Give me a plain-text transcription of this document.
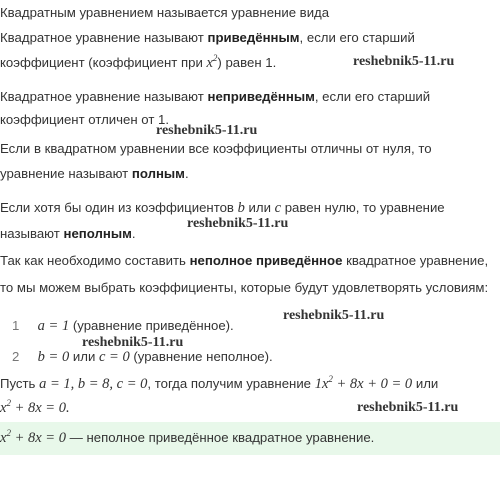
Квадратным уравнением называется уравнение вида
Квадратное уравнение называют приведённым, если его старший
коэффициент (коэффициент при $x^2$) равен 1.
Квадратное уравнение называют неприведённым, если его старший
коэффициент отличен от 1.
Если в квадратном уравнении все коэффициенты отличны от нуля, то
уравнение называют полным.
Если хотя бы один из коэффициентов b или c равен нулю, то уравнение
называют неполным.
Так как необходимо составить неполное приведённое квадратное уравнение,
то мы можем выбрать коэффициенты, которые будут удовлетворять условиям:
1 a = 1 (уравнение приведённое).
2 b = 0 или c = 0 (уравнение неполное).
Пусть a = 1, b = 8, c = 0, тогда получим уравнение $1x^2 + 8x + 0 = 0$ или
$x^2 + 8x = 0$.
$x^2 + 8x = 0$ — неполное приведённое квадратное уравнение.
reshebnik5-11.ru
reshebnik5-11.ru
reshebnik5-11.ru
reshebnik5-11.ru
reshebnik5-11.ru
reshebnik5-11.ru
